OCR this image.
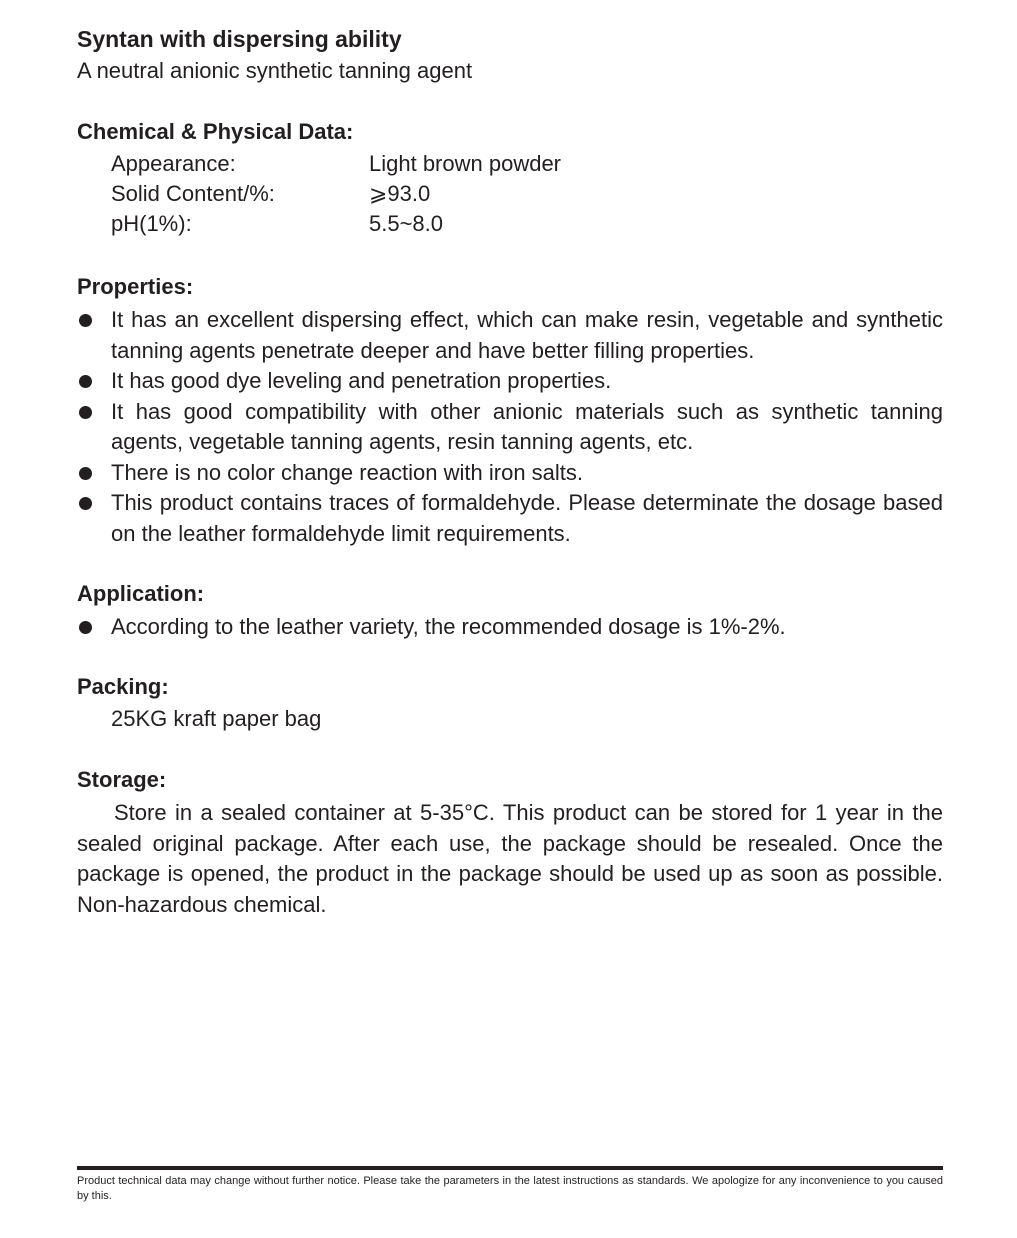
Syntan with dispersing ability
A neutral anionic synthetic tanning agent
Chemical & Physical Data:
Appearance:	Light brown powder
Solid Content/%:	⩾93.0
pH(1%):	5.5~8.0
Properties:
It has an excellent dispersing effect, which can make resin, vegetable and synthetic tanning agents penetrate deeper and have better filling properties.
It has good dye leveling and penetration properties.
It has good compatibility with other anionic materials such as synthetic tanning agents, vegetable tanning agents, resin tanning agents, etc.
There is no color change reaction with iron salts.
This product contains traces of formaldehyde. Please determinate the dosage based on the leather formaldehyde limit requirements.
Application:
According to the leather variety, the recommended dosage is 1%-2%.
Packing:
25KG kraft paper bag
Storage:
Store in a sealed container at 5-35°C. This product can be stored for 1 year in the sealed original package. After each use, the package should be resealed. Once the package is opened, the product in the package should be used up as soon as possible. Non-hazardous chemical.
Product technical data may change without further notice. Please take the parameters in the latest instructions as standards. We apologize for any inconvenience to you caused by this.
